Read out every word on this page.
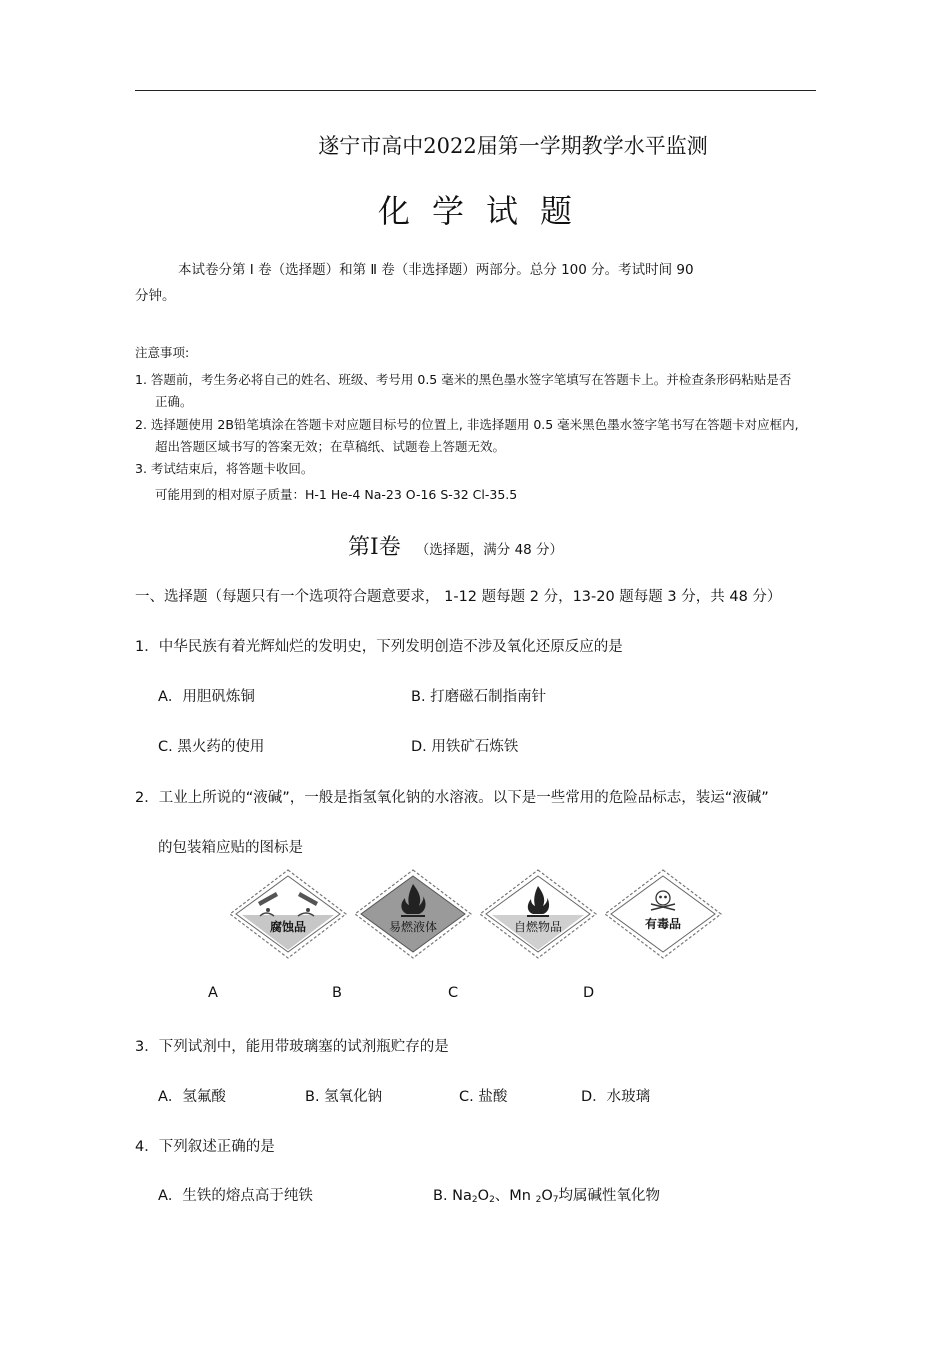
遂宁市高中2022届第一学期教学水平监测
化学试题
本试卷分第 Ⅰ 卷（选择题）和第 Ⅱ 卷（非选择题）两部分。总分 100 分。考试时间 90
分钟。
注意事项:
1. 答题前，考生务必将自己的姓名、班级、考号用 0.5 毫米的黑色墨水签字笔填写在答题卡上。并检查条形码粘贴是否
正确。
2. 选择题使用 2B铅笔填涂在答题卡对应题目标号的位置上, 非选择题用 0.5 毫米黑色墨水签字笔书写在答题卡对应框内,
超出答题区域书写的答案无效；在草稿纸、试题卷上答题无效。
3. 考试结束后，将答题卡收回。
可能用到的相对原子质量：H-1 He-4 Na-23 O-16 S-32 Cl-35.5
第Ⅰ卷 （选择题，满分 48 分）
一、选择题（每题只有一个选项符合题意要求， 1-12 题每题 2 分，13-20 题每题 3 分，共 48 分）
1．中华民族有着光辉灿烂的发明史，下列发明创造不涉及氧化还原反应的是
A．用胆矾炼铜	B. 打磨磁石制指南针
C. 黑火药的使用	D. 用铁矿石炼铁
2．工业上所说的“液碱”，一般是指氢氧化钠的水溶液。以下是一些常用的危险品标志，装运“液碱”
的包装箱应贴的图标是
腐蚀品	易燃液体	自燃物品	有毒品
A	B	C	D
3．下列试剂中，能用带玻璃塞的试剂瓶贮存的是
A．氢氟酸	B. 氢氧化钠	C. 盐酸	D．水玻璃
4．下列叙述正确的是
A．生铁的熔点高于纯铁	B. $Na_2O_2$、Mn $_2O_7$均属碱性氧化物
